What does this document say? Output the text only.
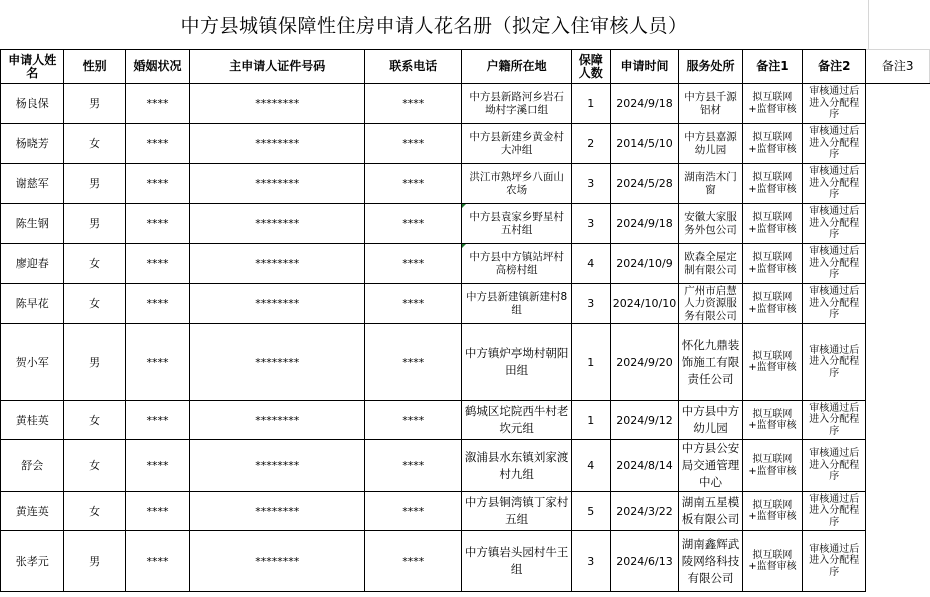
中方县城镇保障性住房申请人花名册（拟定入住审核人员）
申请人姓名	性别	婚姻状况	主申请人证件号码	联系电话	户籍所在地	保障人数	申请时间	服务处所	备注1	备注2	备注3
杨良保	男	****	********	****	中方县新路河乡岩石坳村字溪口组	1	2024/9/18	中方县千源铝材	拟互联网+监督审核	审核通过后进入分配程序	
杨晓芳	女	****	********	****	中方县新建乡黄金村大冲组	2	2014/5/10	中方县嘉源幼儿园	拟互联网+监督审核	审核通过后进入分配程序	
谢慈军	男	****	********	****	洪江市熟坪乡八面山农场	3	2024/5/28	湖南浩木门窗	拟互联网+监督审核	审核通过后进入分配程序	
陈生钢	男	****	********	****	中方县袁家乡野星村五村组	3	2024/9/18	安徽大家服务外包公司	拟互联网+监督审核	审核通过后进入分配程序	
廖迎春	女	****	********	****	中方县中方镇站坪村高榜村组	4	2024/10/9	欧森全屋定制有限公司	拟互联网+监督审核	审核通过后进入分配程序	
陈早花	女	****	********	****	中方县新建镇新建村8组	3	2024/10/10	广州市启慧人力资源服务有限公司	拟互联网+监督审核	审核通过后进入分配程序	
贺小军	男	****	********	****	中方镇炉亭坳村朝阳田组	1	2024/9/20	怀化九鼎装饰施工有限责任公司	拟互联网+监督审核	审核通过后进入分配程序	
黄桂英	女	****	********	****	鹤城区坨院西牛村老坎元组	1	2024/9/12	中方县中方幼儿园	拟互联网+监督审核	审核通过后进入分配程序	
舒会	女	****	********	****	溆浦县水东镇刘家渡村九组	4	2024/8/14	中方县公安局交通管理中心	拟互联网+监督审核	审核通过后进入分配程序	
黄连英	女	****	********	****	中方县铜湾镇丁家村五组	5	2024/3/22	湖南五星模板有限公司	拟互联网+监督审核	审核通过后进入分配程序	
张孝元	男	****	********	****	中方镇岩头园村牛王组	3	2024/6/13	湖南鑫辉武陵网络科技有限公司	拟互联网+监督审核	审核通过后进入分配程序	
